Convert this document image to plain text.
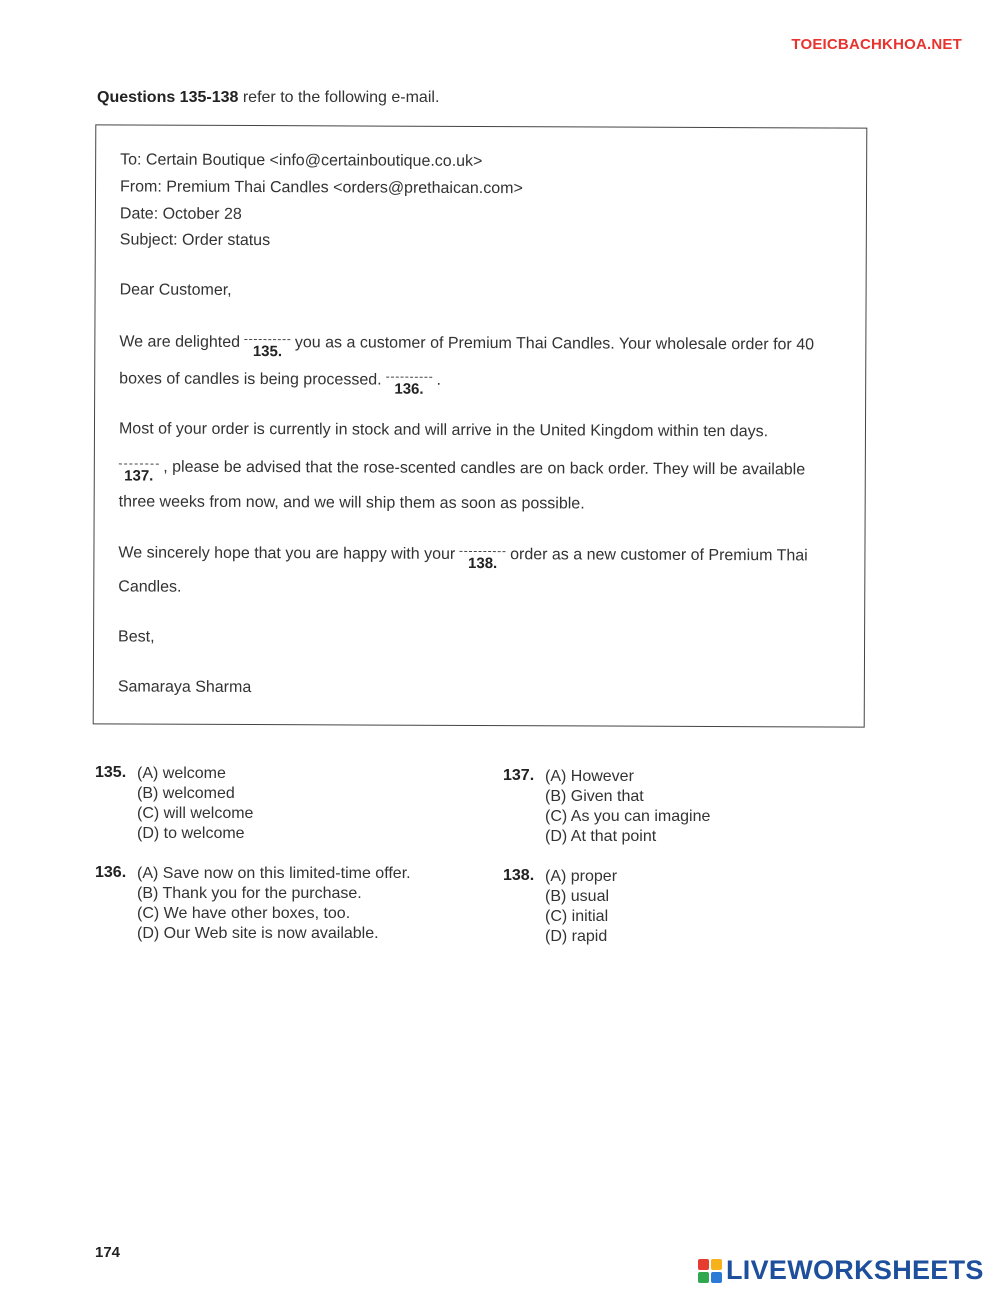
TOEICBACHKHOA.NET
Questions 135-138 refer to the following e-mail.
To: Certain Boutique <info@certainboutique.co.uk>
From: Premium Thai Candles <orders@prethaican.com>
Date: October 28
Subject: Order status
Dear Customer,
We are delighted
135. you as a customer of Premium Thai Candles. Your wholesale order for 40
boxes of candles is being processed.
136.
.
Most of your order is currently in stock and will arrive in the United Kingdom within ten days.
137. , please be advised that the rose-scented candles are on back order. They will be available
three weeks from now, and we will ship them as soon as possible.
We sincerely hope that you are happy with your
138. order as a new customer of Premium Thai
Candles.
Best,
Samaraya Sharma
135. (A) welcome
(B) welcomed
(C) will welcome
(D) to welcome
136. (A) Save now on this limited-time offer.
(B) Thank you for the purchase.
(C) We have other boxes, too.
(D) Our Web site is now available.
137. (A) However
(B) Given that
(C) As you can imagine
(D) At that point
138. (A) proper
(B) usual
(C) initial
(D) rapid
174
LIVEWORKSHEETS
